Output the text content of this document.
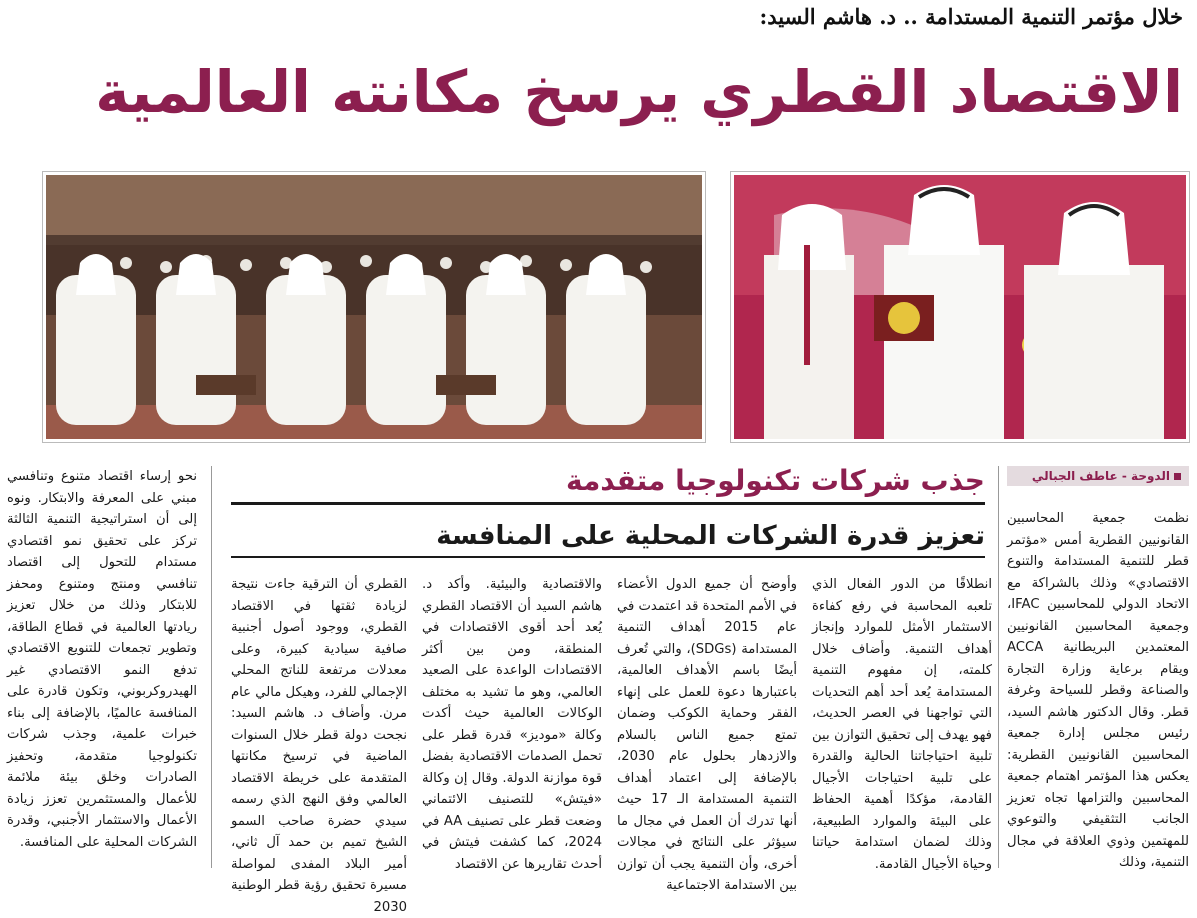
خلال مؤتمر التنمية المستدامة .. د. هاشم السيد:
الاقتصاد القطري يرسخ مكانته العالمية
الدوحة - عاطف الجبالي
جذب شركات تكنولوجيا متقدمة
تعزيز قدرة الشركات المحلية على المنافسة

نظمت جمعية المحاسبين القانونيين القطرية أمس «مؤتمر قطر للتنمية المستدامة والتنوع الاقتصادي» وذلك بالشراكة مع الاتحاد الدولي للمحاسبين IFAC، وجمعية المحاسبين القانونيين المعتمدين البريطانية ACCA ويقام برعاية وزارة التجارة والصناعة وقطر للسياحة وغرفة قطر. وقال الدكتور هاشم السيد، رئيس مجلس إدارة جمعية المحاسبين القانونيين القطرية: يعكس هذا المؤتمر اهتمام جمعية المحاسبين والتزامها تجاه تعزيز الجانب التثقيفي والتوعوي للمهتمين وذوي العلاقة في مجال التنمية، وذلك

انطلاقًا من الدور الفعال الذي تلعبه المحاسبة في رفع كفاءة الاستثمار الأمثل للموارد وإنجاز أهداف التنمية. وأضاف خلال كلمته، إن مفهوم التنمية المستدامة يُعد أحد أهم التحديات التي تواجهنا في العصر الحديث، فهو يهدف إلى تحقيق التوازن بين تلبية احتياجاتنا الحالية والقدرة على تلبية احتياجات الأجيال القادمة، مؤكدًا أهمية الحفاظ على البيئة والموارد الطبيعية، وذلك لضمان استدامة حياتنا وحياة الأجيال القادمة.

وأوضح أن جميع الدول الأعضاء في الأمم المتحدة قد اعتمدت في عام 2015 أهداف التنمية المستدامة (SDGs)، والتي تُعرف أيضًا باسم الأهداف العالمية، باعتبارها دعوة للعمل على إنهاء الفقر وحماية الكوكب وضمان تمتع جميع الناس بالسلام والازدهار بحلول عام 2030، بالإضافة إلى اعتماد أهداف التنمية المستدامة الـ 17 حيث أنها تدرك أن العمل في مجال ما سيؤثر على النتائج في مجالات أخرى، وأن التنمية يجب أن توازن بين الاستدامة الاجتماعية

والاقتصادية والبيئية. وأكد د. هاشم السيد أن الاقتصاد القطري يُعد أحد أقوى الاقتصادات في المنطقة، ومن بين أكثر الاقتصادات الواعدة على الصعيد العالمي، وهو ما تشيد به مختلف الوكالات العالمية حيث أكدت وكالة «موديز» قدرة قطر على تحمل الصدمات الاقتصادية بفضل قوة موازنة الدولة. وقال إن وكالة «فيتش» للتصنيف الائتماني وضعت قطر على تصنيف AA في 2024، كما كشفت فيتش في أحدث تقاريرها عن الاقتصاد

القطري أن الترقية جاءت نتيجة لزيادة ثقتها في الاقتصاد القطري، ووجود أصول أجنبية صافية سيادية كبيرة، وعلى معدلات مرتفعة للناتج المحلي الإجمالي للفرد، وهيكل مالي عام مرن. وأضاف د. هاشم السيد: نجحت دولة قطر خلال السنوات الماضية في ترسيخ مكانتها المتقدمة على خريطة الاقتصاد العالمي وفق النهج الذي رسمه سيدي حضرة صاحب السمو الشيخ تميم بن حمد آل ثاني، أمير البلاد المفدى لمواصلة مسيرة تحقيق رؤية قطر الوطنية 2030

نحو إرساء اقتصاد متنوع وتنافسي مبني على المعرفة والابتكار. ونوه إلى أن استراتيجية التنمية الثالثة تركز على تحقيق نمو اقتصادي مستدام للتحول إلى اقتصاد تنافسي ومنتج ومتنوع ومحفز للابتكار وذلك من خلال تعزيز ريادتها العالمية في قطاع الطاقة، وتطوير تجمعات للتنويع الاقتصادي تدفع النمو الاقتصادي غير الهيدروكربوني، وتكون قادرة على المنافسة عالميًا، بالإضافة إلى بناء خبرات علمية، وجذب شركات تكنولوجيا متقدمة، وتحفيز الصادرات وخلق بيئة ملائمة للأعمال والمستثمرين تعزز زيادة الأعمال والاستثمار الأجنبي، وقدرة الشركات المحلية على المنافسة.
